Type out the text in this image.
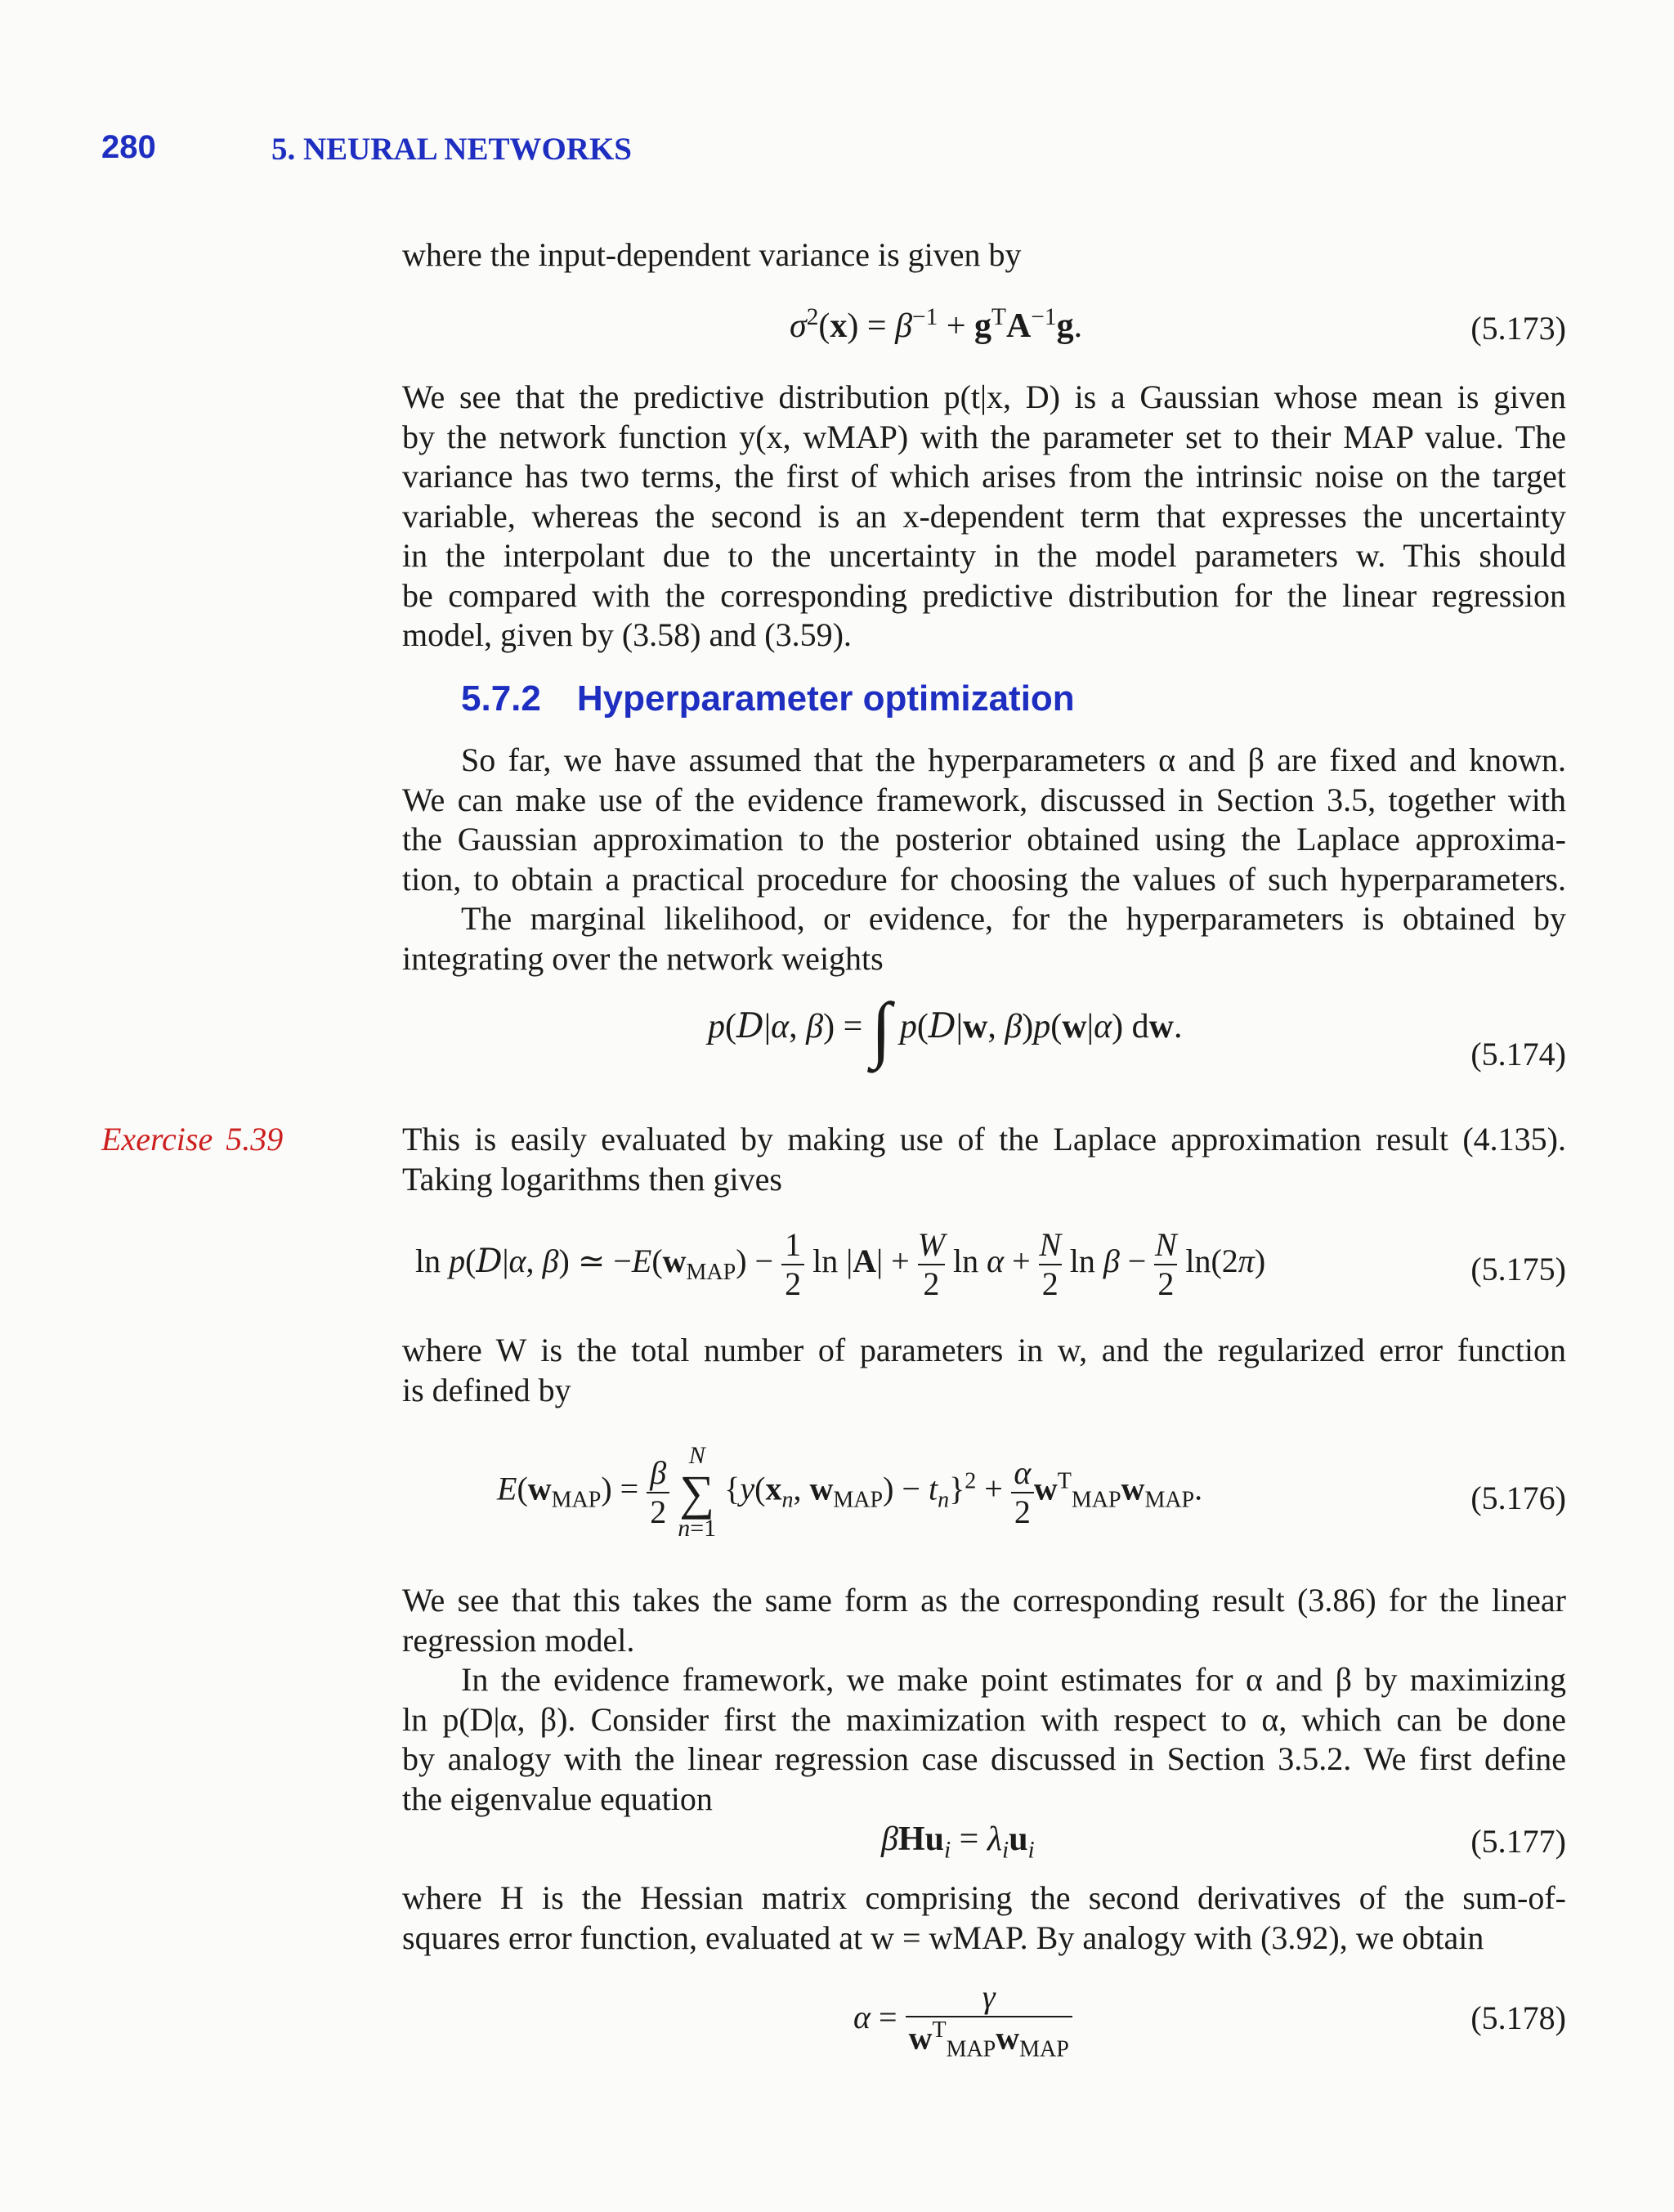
280	5. NEURAL NETWORKS
where the input-dependent variance is given by
$\sigma^2(x) = \beta^{-1} + g^TA^{-1}g$.	(5.173)
We see that the predictive distribution p(t|x, D) is a Gaussian whose mean is given
by the network function y(x, wMAP) with the parameter set to their MAP value. The
variance has two terms, the first of which arises from the intrinsic noise on the target
variable, whereas the second is an x-dependent term that expresses the uncertainty
in the interpolant due to the uncertainty in the model parameters w. This should
be compared with the corresponding predictive distribution for the linear regression
model, given by (3.58) and (3.59).
5.7.2 Hyperparameter optimization
So far, we have assumed that the hyperparameters α and β are fixed and known.
We can make use of the evidence framework, discussed in Section 3.5, together with
the Gaussian approximation to the posterior obtained using the Laplace approxima-
tion, to obtain a practical procedure for choosing the values of such hyperparameters.
The marginal likelihood, or evidence, for the hyperparameters is obtained by
integrating over the network weights
p(D|α, β) = ∫ p(D|w, β)p(w|α) dw.
(5.174)
Exercise 5.39	This is easily evaluated by making use of the Laplace approximation result (4.135).
Taking logarithms then gives
ln p(D|α, β) ≃ $-E(w_{MAP}) - \frac{1}{2}$ $\ln |A| + \frac{W}{2}$ $\ln \alpha + \frac{N}{2}$ $\ln \beta - \frac{N}{2} \ln(2\pi)$	(5.175)
where W is the total number of parameters in w, and the regularized error function
is defined by
$E(w_{MAP}) = \frac{\beta}{2}$
N
∑
n=1
{$y(x_n$, $w_{MAP}) - t_n\}^2 + \frac{\alpha}{2} w^T_{MAP}w_{MAP}$.	(5.176)
We see that this takes the same form as the corresponding result (3.86) for the linear
regression model.
In the evidence framework, we make point estimates for α and β by maximizing
ln p(D|α, β). Consider first the maximization with respect to α, which can be done
by analogy with the linear regression case discussed in Section 3.5.2. We first define
the eigenvalue equation
$\beta Hu_i = \lambda_iu_i$	(5.177)
where H is the Hessian matrix comprising the second derivatives of the sum-of-
squares error function, evaluated at w = wMAP. By analogy with (3.92), we obtain
$\alpha = \frac{\gamma}{w^T_{MAP}w_{MAP}}$	(5.178)
